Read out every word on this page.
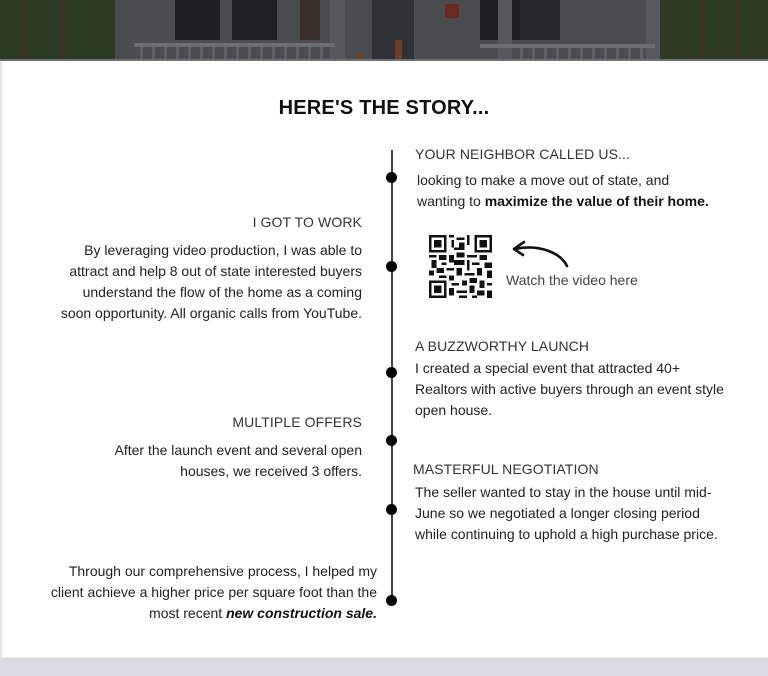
HERE'S THE STORY...
YOUR NEIGHBOR CALLED US...
looking to make a move out of state, and
wanting to maximize the value of their home.
I GOT TO WORK
By leveraging video production, I was able to
attract and help 8 out of state interested buyers
understand the flow of the home as a coming
soon opportunity. All organic calls from YouTube.
Watch the video here
A BUZZWORTHY LAUNCH
I created a special event that attracted 40+
Realtors with active buyers through an event style
open house.
MULTIPLE OFFERS
After the launch event and several open
houses, we received 3 offers.	MASTERFUL NEGOTIATION
The seller wanted to stay in the house until mid-
June so we negotiated a longer closing period
while continuing to uphold a high purchase price.
Through our comprehensive process, I helped my
client achieve a higher price per square foot than the
most recent new construction sale.
